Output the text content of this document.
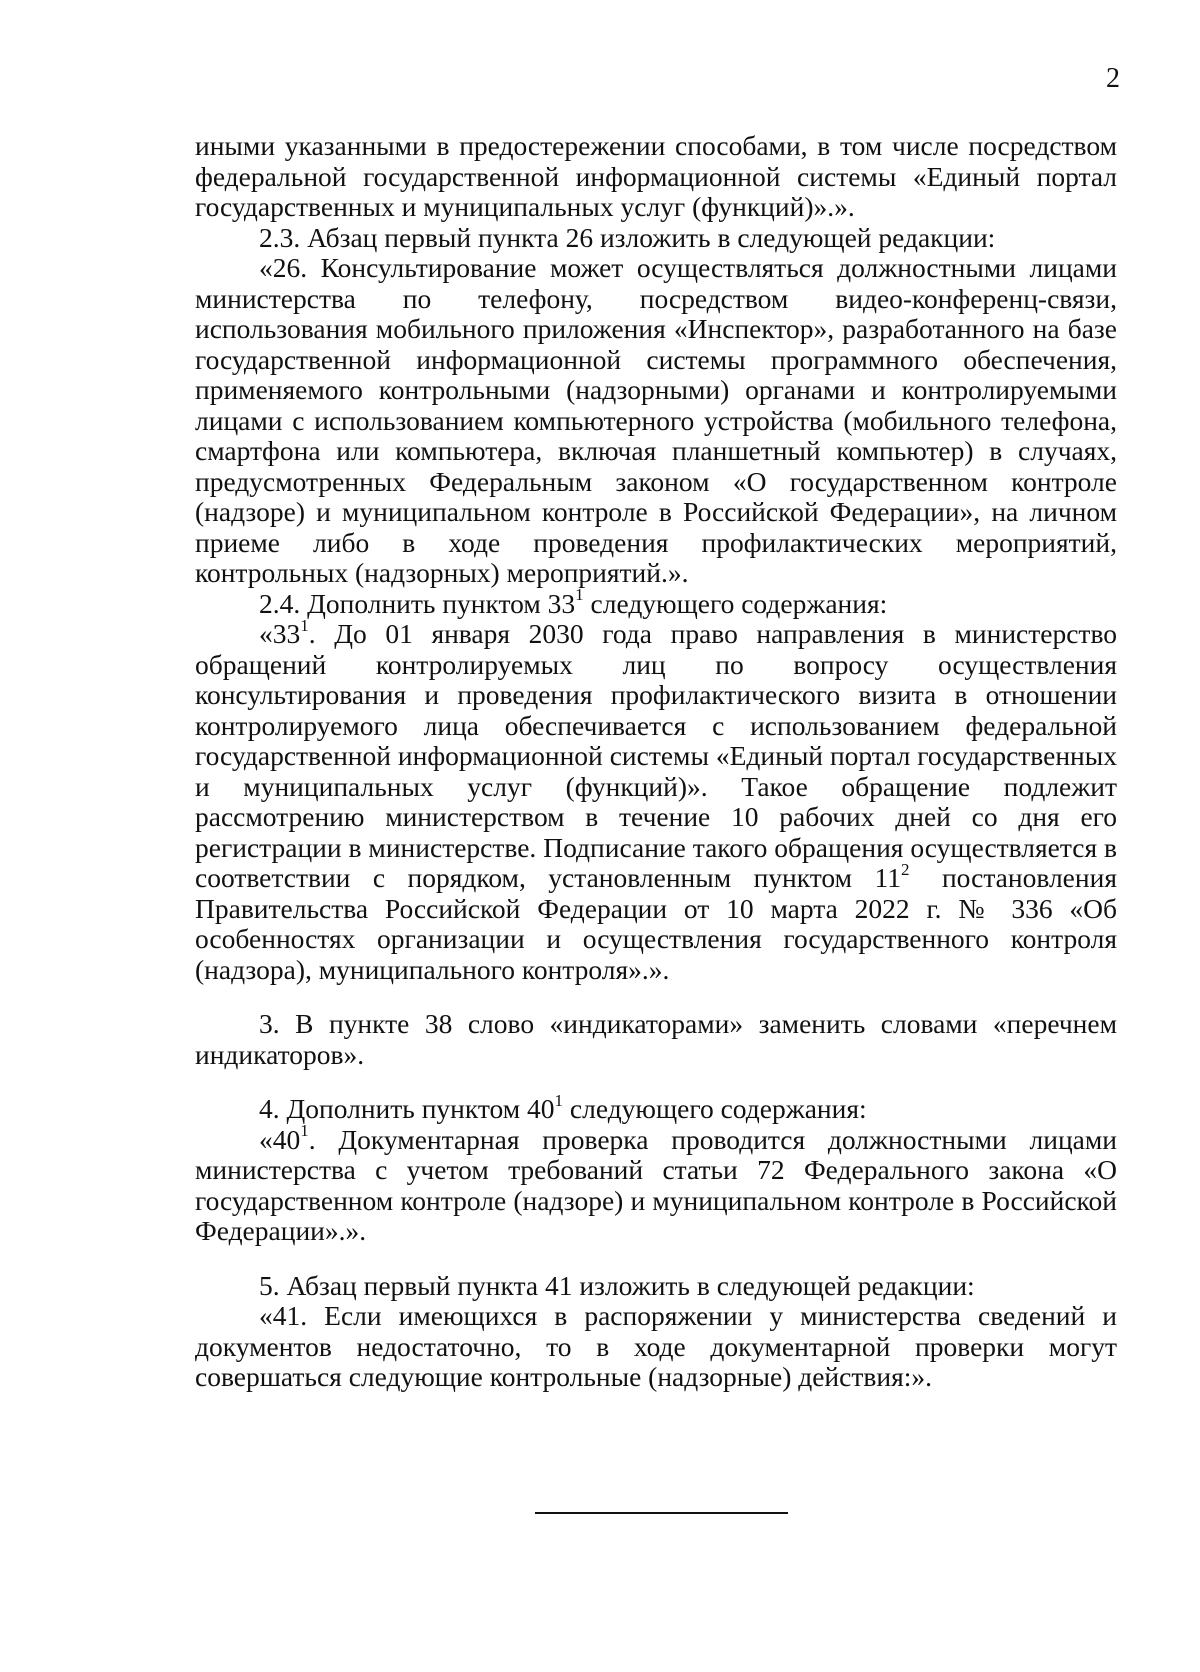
2

иными указанными в предостережении способами, в том числе посредством федеральной государственной информационной системы «Единый портал государственных и муниципальных услуг (функций)».».

2.3. Абзац первый пункта 26 изложить в следующей редакции:

«26. Консультирование может осуществляться должностными лицами министерства по телефону, посредством видео-конференц-связи, использования мобильного приложения «Инспектор», разработанного на базе государственной информационной системы программного обеспечения, применяемого контрольными (надзорными) органами и контролируемыми лицами с использованием компьютерного устройства (мобильного телефона, смартфона или компьютера, включая планшетный компьютер) в случаях, предусмотренных Федеральным законом «О государственном контроле (надзоре) и муниципальном контроле в Российской Федерации», на личном приеме либо в ходе проведения профилактических мероприятий, контрольных (надзорных) мероприятий.».

2.4. Дополнить пунктом $33^1$ следующего содержания:

«$33^1$. До 01 января 2030 года право направления в министерство обращений контролируемых лиц по вопросу осуществления консультирования и проведения профилактического визита в отношении контролируемого лица обеспечивается с использованием федеральной государственной информационной системы «Единый портал государственных и муниципальных услуг (функций)». Такое обращение подлежит рассмотрению министерством в течение 10 рабочих дней со дня его регистрации в министерстве. Подписание такого обращения осуществляется в соответствии с порядком, установленным пунктом $11^2$ постановления Правительства Российской Федерации от 10 марта 2022 г. № 336 «Об особенностях организации и осуществления государственного контроля (надзора), муниципального контроля».».

3. В пункте 38 слово «индикаторами» заменить словами «перечнем индикаторов».

4. Дополнить пунктом $40^1$ следующего содержания:

«$40^1$. Документарная проверка проводится должностными лицами министерства с учетом требований статьи 72 Федерального закона «О государственном контроле (надзоре) и муниципальном контроле в Российской Федерации».».

5. Абзац первый пункта 41 изложить в следующей редакции:

«41. Если имеющихся в распоряжении у министерства сведений и документов недостаточно, то в ходе документарной проверки могут совершаться следующие контрольные (надзорные) действия:».
